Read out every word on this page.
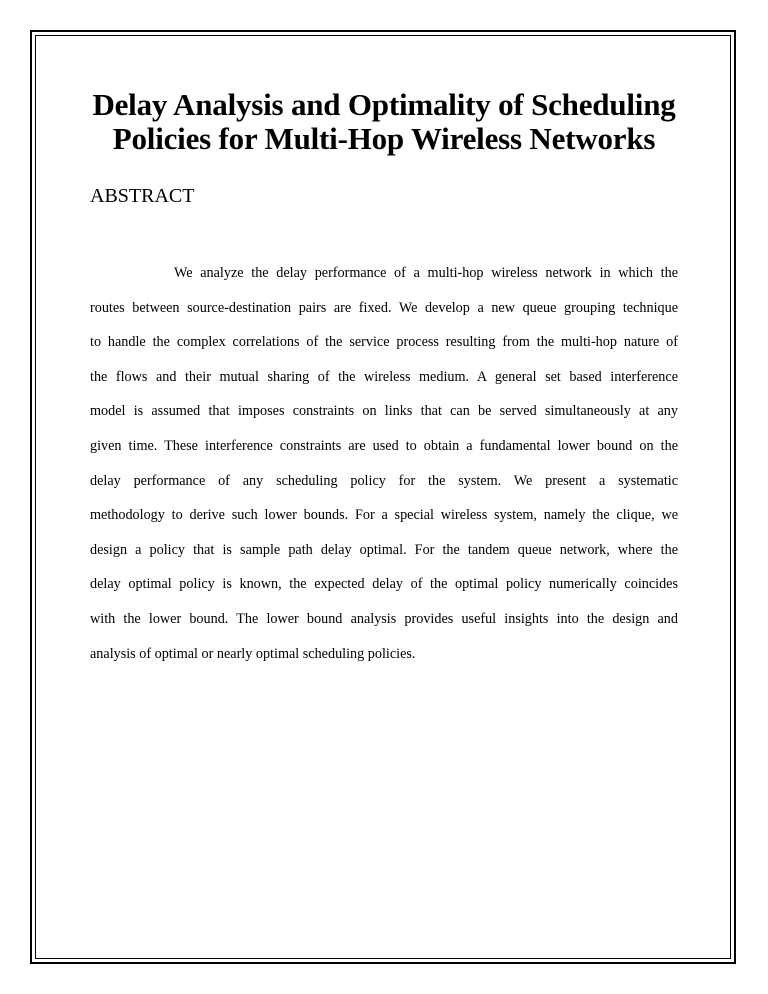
Delay Analysis and Optimality of Scheduling
Policies for Multi-Hop Wireless Networks
ABSTRACT
We analyze the delay performance of a multi-hop wireless network in which the
routes between source-destination pairs are fixed. We develop a new queue grouping technique
to handle the complex correlations of the service process resulting from the multi-hop nature of
the flows and their mutual sharing of the wireless medium. A general set based interference
model is assumed that imposes constraints on links that can be served simultaneously at any
given time. These interference constraints are used to obtain a fundamental lower bound on the
delay performance of any scheduling policy for the system. We present a systematic
methodology to derive such lower bounds. For a special wireless system, namely the clique, we
design a policy that is sample path delay optimal. For the tandem queue network, where the
delay optimal policy is known, the expected delay of the optimal policy numerically coincides
with the lower bound. The lower bound analysis provides useful insights into the design and
analysis of optimal or nearly optimal scheduling policies.
